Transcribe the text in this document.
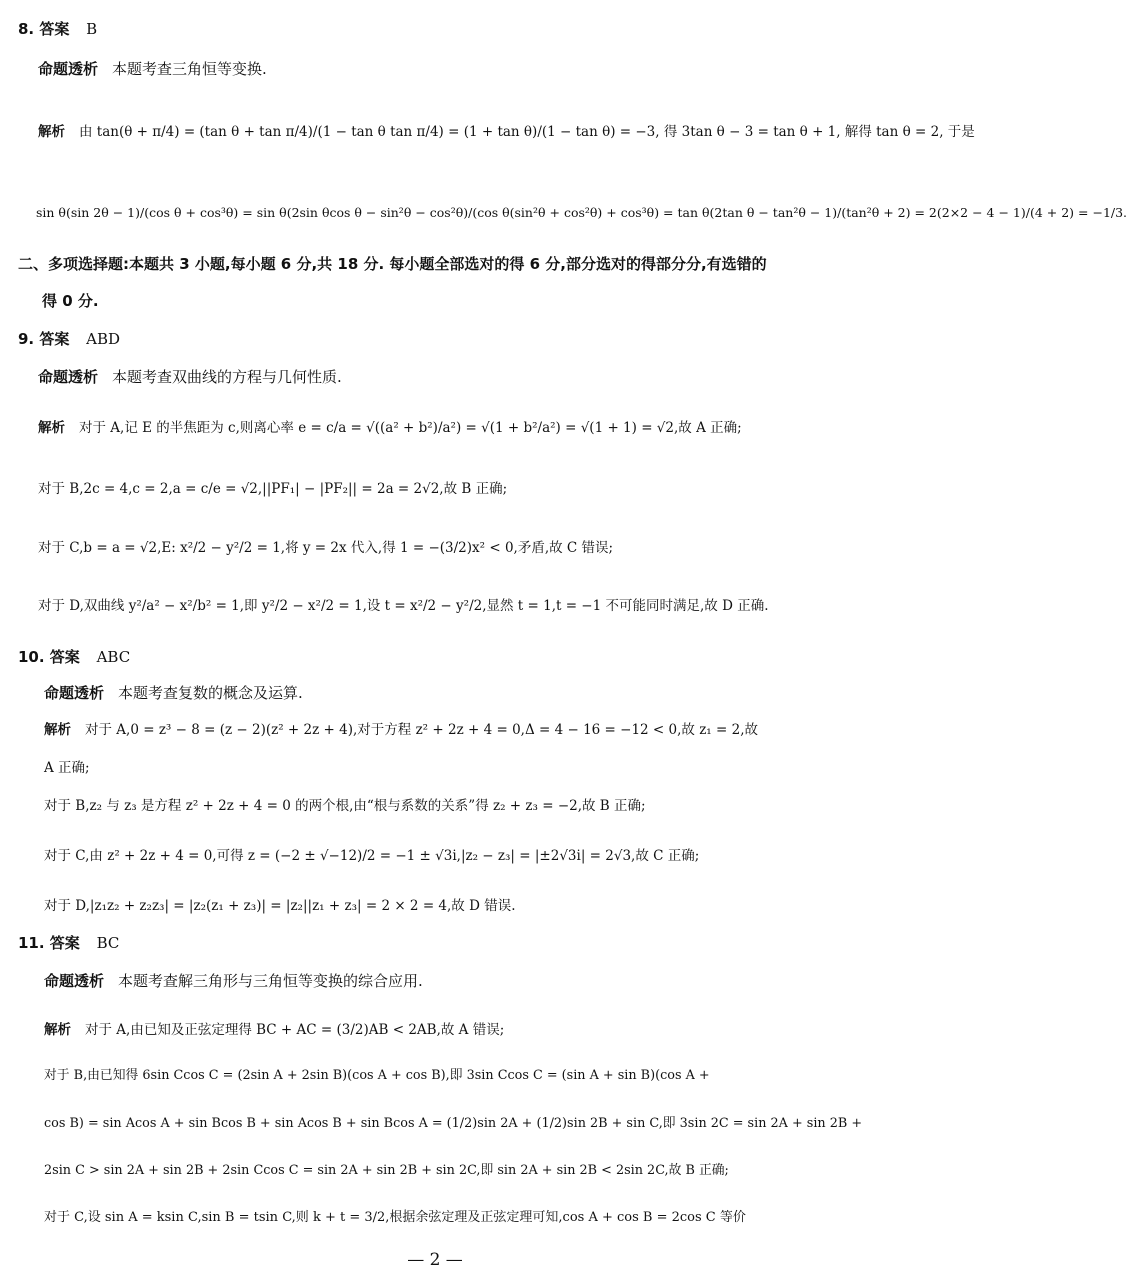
8. 答案 B
命题透析 本题考查三角恒等变换.
解析 由 tan(θ + π/4) = (tan θ + tan π/4)/(1 − tan θ tan π/4) = (1 + tan θ)/(1 − tan θ) = −3, 得 3tan θ − 3 = tan θ + 1, 解得 tan θ = 2, 于是
sin θ(sin 2θ − 1)/(cos θ + cos³θ) = sin θ(2sin θcos θ − sin²θ − cos²θ)/(cos θ(sin²θ + cos²θ) + cos³θ) = tan θ(2tan θ − tan²θ − 1)/(tan²θ + 2) = 2(2×2 − 4 − 1)/(4 + 2) = −1/3.
二、多项选择题:本题共 3 小题,每小题 6 分,共 18 分. 每小题全部选对的得 6 分,部分选对的得部分分,有选错的
得 0 分.
9. 答案 ABD
命题透析 本题考查双曲线的方程与几何性质.
解析 对于 A,记 E 的半焦距为 c,则离心率 e = c/a = √((a² + b²)/a²) = √(1 + b²/a²) = √(1 + 1) = √2,故 A 正确;
对于 B,2c = 4,c = 2,a = c/e = √2,||PF₁| − |PF₂|| = 2a = 2√2,故 B 正确;
对于 C,b = a = √2,E: x²/2 − y²/2 = 1,将 y = 2x 代入,得 1 = −(3/2)x² < 0,矛盾,故 C 错误;
对于 D,双曲线 y²/a² − x²/b² = 1,即 y²/2 − x²/2 = 1,设 t = x²/2 − y²/2,显然 t = 1,t = −1 不可能同时满足,故 D 正确.
10. 答案 ABC
命题透析 本题考查复数的概念及运算.
解析 对于 A,0 = z³ − 8 = (z − 2)(z² + 2z + 4),对于方程 z² + 2z + 4 = 0,Δ = 4 − 16 = −12 < 0,故 z₁ = 2,故
A 正确;
对于 B,z₂ 与 z₃ 是方程 z² + 2z + 4 = 0 的两个根,由“根与系数的关系”得 z₂ + z₃ = −2,故 B 正确;
对于 C,由 z² + 2z + 4 = 0,可得 z = (−2 ± √−12)/2 = −1 ± √3i,|z₂ − z₃| = |±2√3i| = 2√3,故 C 正确;
对于 D,|z₁z₂ + z₂z₃| = |z₂(z₁ + z₃)| = |z₂||z₁ + z₃| = 2 × 2 = 4,故 D 错误.
11. 答案 BC
命题透析 本题考查解三角形与三角恒等变换的综合应用.
解析 对于 A,由已知及正弦定理得 BC + AC = (3/2)AB < 2AB,故 A 错误;
对于 B,由已知得 6sin Ccos C = (2sin A + 2sin B)(cos A + cos B),即 3sin Ccos C = (sin A + sin B)(cos A +
cos B) = sin Acos A + sin Bcos B + sin Acos B + sin Bcos A = (1/2)sin 2A + (1/2)sin 2B + sin C,即 3sin 2C = sin 2A + sin 2B +
2sin C > sin 2A + sin 2B + 2sin Ccos C = sin 2A + sin 2B + sin 2C,即 sin 2A + sin 2B < 2sin 2C,故 B 正确;
对于 C,设 sin A = ksin C,sin B = tsin C,则 k + t = 3/2,根据余弦定理及正弦定理可知,cos A + cos B = 2cos C 等价
— 2 —
